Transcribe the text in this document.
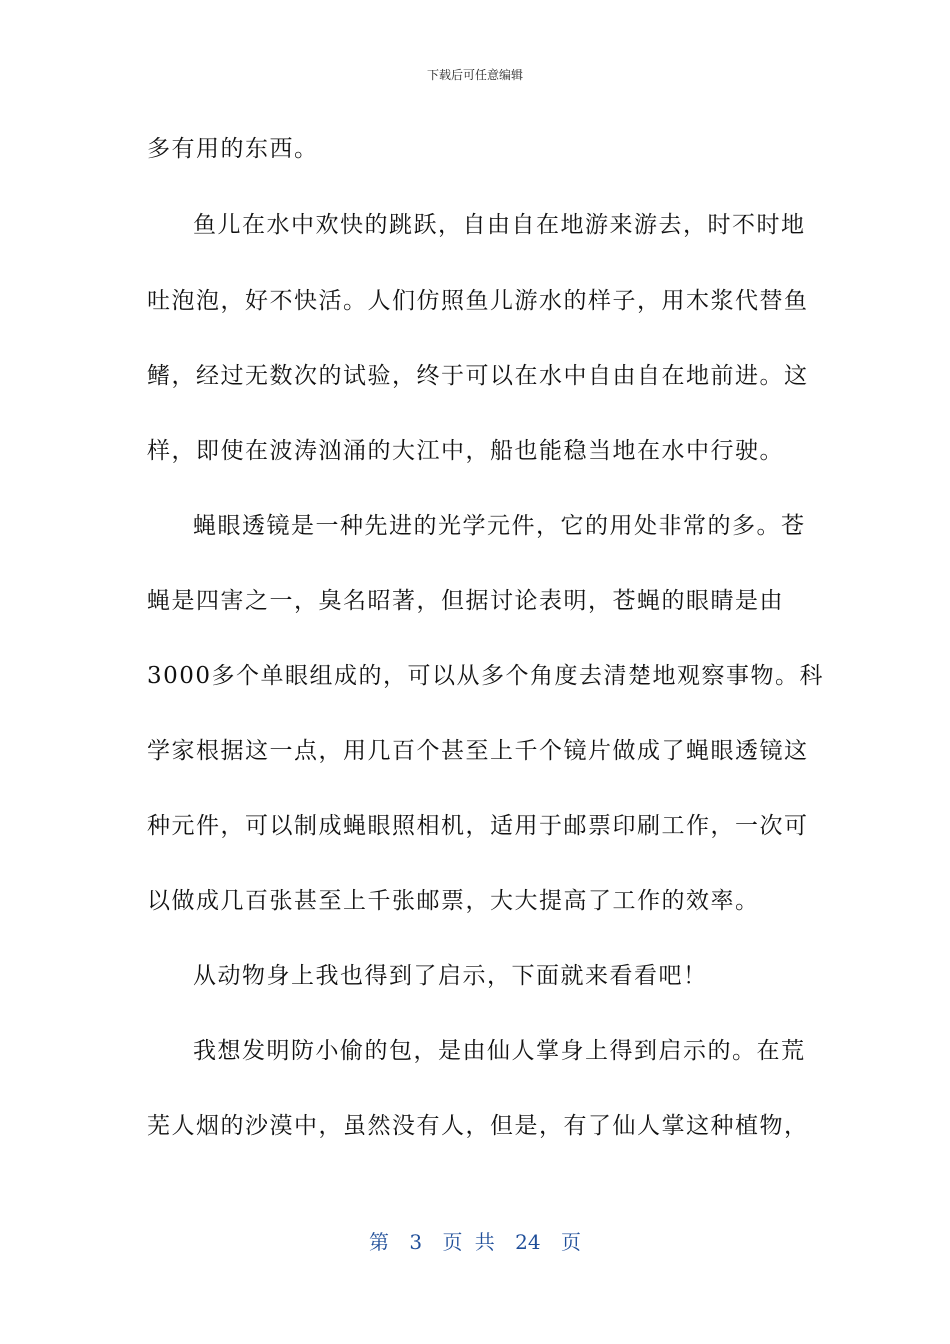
下载后可任意编辑
多有用的东西。
鱼儿在水中欢快的跳跃，自由自在地游来游去，时不时地
吐泡泡，好不快活。人们仿照鱼儿游水的样子，用木浆代替鱼
鳍，经过无数次的试验，终于可以在水中自由自在地前进。这
样，即使在波涛汹涌的大江中，船也能稳当地在水中行驶。
蝇眼透镜是一种先进的光学元件，它的用处非常的多。苍
蝇是四害之一，臭名昭著，但据讨论表明，苍蝇的眼睛是由
3000多个单眼组成的，可以从多个角度去清楚地观察事物。科
学家根据这一点，用几百个甚至上千个镜片做成了蝇眼透镜这
种元件，可以制成蝇眼照相机，适用于邮票印刷工作，一次可
以做成几百张甚至上千张邮票，大大提高了工作的效率。
从动物身上我也得到了启示，下面就来看看吧！
我想发明防小偷的包，是由仙人掌身上得到启示的。在荒
芜人烟的沙漠中，虽然没有人，但是，有了仙人掌这种植物，
第 3 页 共 24 页
